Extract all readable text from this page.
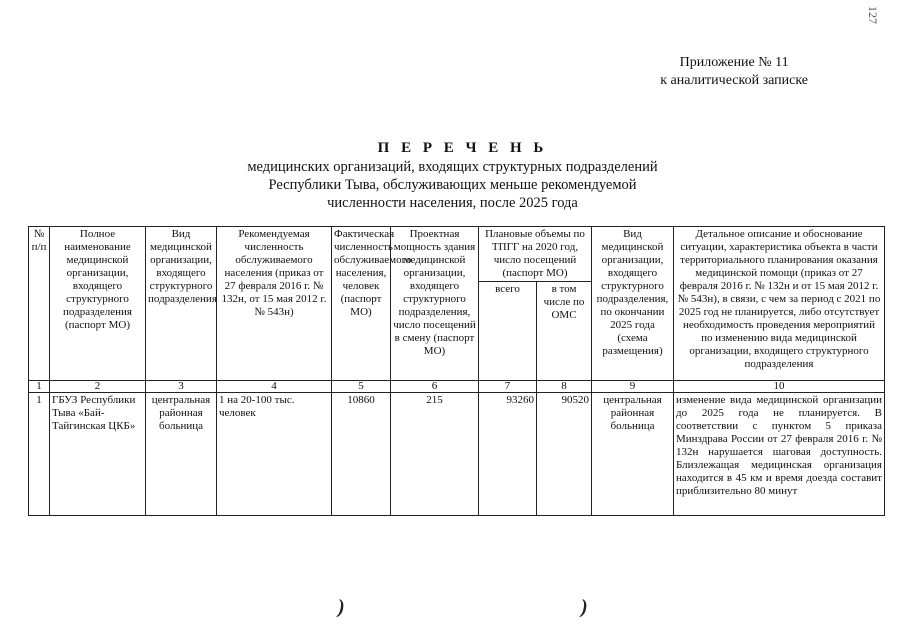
127
Приложение № 11
к аналитической записке
П Е Р Е Ч Е Н Ь
медицинских организаций, входящих структурных подразделений
Республики Тыва, обслуживающих меньше рекомендуемой
численности населения, после 2025 года
№ п/п	Полное наименование медицинской организации, входящего структурного подразделения (паспорт МО)	Вид медицинской организации, входящего структурного подразделения	Рекомендуемая численность обслуживаемого населения (приказ от 27 февраля 2016 г. № 132н, от 15 мая 2012 г. № 543н)	Фактическая численность обслуживаемого населения, человек (паспорт МО)	Проектная мощность здания медицинской организации, входящего структурного подразделения, число посещений в смену (паспорт МО)	Плановые объемы по ТПГГ на 2020 год, число посещений (паспорт МО)		Вид медицинской организации, входящего структурного подразделения, по окончании 2025 года (схема размещения)	Детальное описание и обоснование ситуации, характеристика объекта в части территориального планирования оказания медицинской помощи (приказ от 27 февраля 2016 г. № 132н и от 15 мая 2012 г. № 543н), в связи, с чем за период с 2021 по 2025 год не планируется, либо отсутствует необходимость проведения мероприятий по изменению вида медицинской организации, входящего структурного подразделения
						всего	в том числе по ОМС		
1	2	3	4	5	6	7	8	9	10
1	ГБУЗ Республики Тыва «Бай-Тайгинская ЦКБ»	центральная районная больница	1 на 20-100 тыс. человек	10860	215	93260	90520	центральная районная больница	изменение вида медицинской организации до 2025 года не планируется. В соответствии с пунктом 5 приказа Минздрава России от 27 февраля 2016 г. № 132н нарушается шаговая доступность. Близлежащая медицинская организация находится в 45 км и время доезда составит приблизительно 80 минут
)	)
